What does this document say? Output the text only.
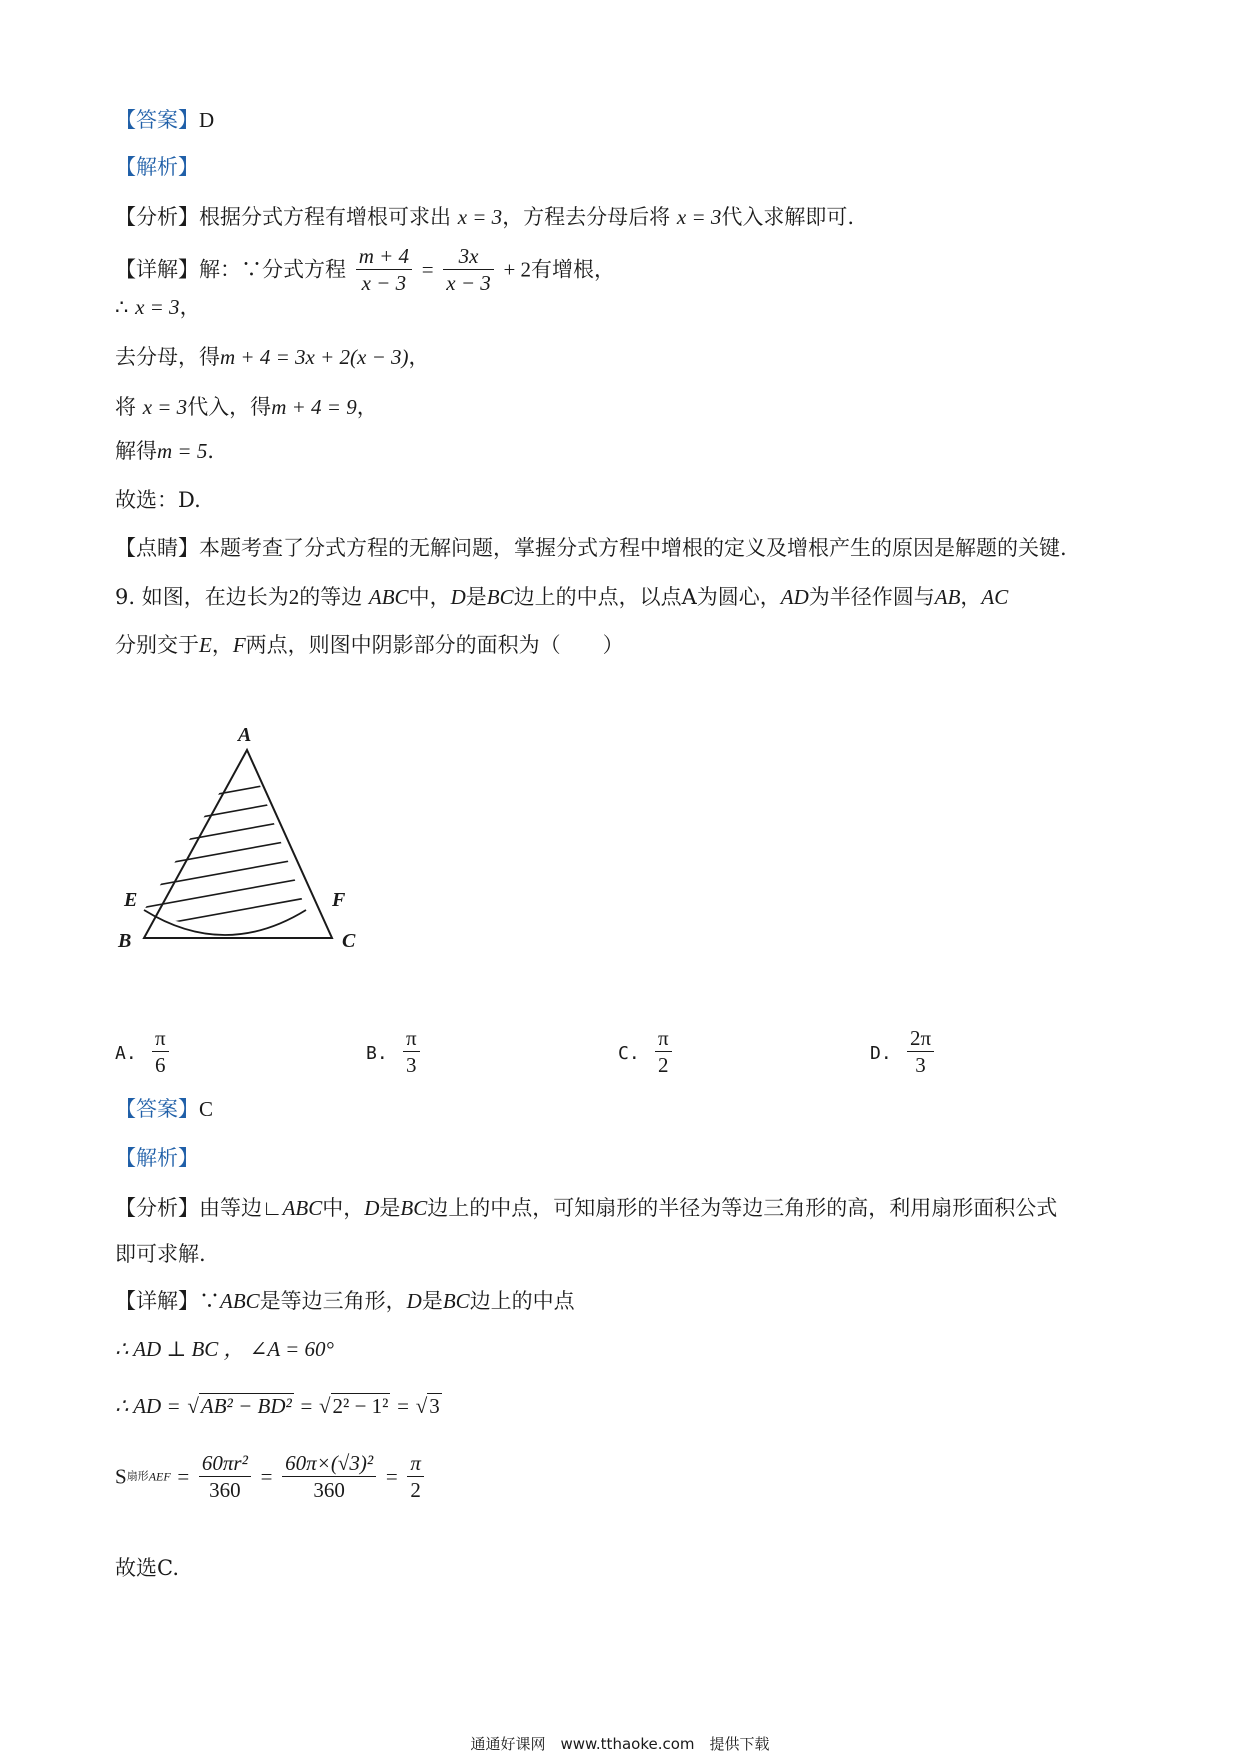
【答案】D
【解析】
【分析】根据分式方程有增根可求出 x = 3，方程去分母后将 x = 3代入求解即可.
【详解】解：∵分式方程 $\frac{m + 4}{x - 3} = \frac{3x}{x - 3} + 2$有增根，
∴ x = 3，
去分母，得m + 4 = 3x + 2(x − 3)，
将 x = 3代入，得m + 4 = 9，
解得m = 5．
故选：D.
【点睛】本题考查了分式方程的无解问题，掌握分式方程中增根的定义及增根产生的原因是解题的关键.
9. 如图，在边长为2的等边 ABC中，D是BC边上的中点，以点A为圆心，AD为半径作圆与AB，AC
分别交于E，F两点，则图中阴影部分的面积为（　　）
A
B	C
E	F
A. $\frac{\pi}{6}$	B. $\frac{\pi}{3}$	C. $\frac{\pi}{2}$	D. $\frac{2\pi}{3}$
【答案】C
【解析】
【分析】由等边∟ABC中，D是BC边上的中点，可知扇形的半径为等边三角形的高，利用扇形面积公式
即可求解.
【详解】∵ABC是等边三角形，D是BC边上的中点
∴ AD ⊥ BC ， ∠A = 60°
∴ AD = √AB² − BD² = √2² − 1² = √3
S扇形AEF = $\frac{\text{60πr²}}{360} = \frac{\text{60π×(√3)²}}{360} = \frac{\pi}{2}$
故选C.
通通好课网　www.tthaoke.com　提供下载
